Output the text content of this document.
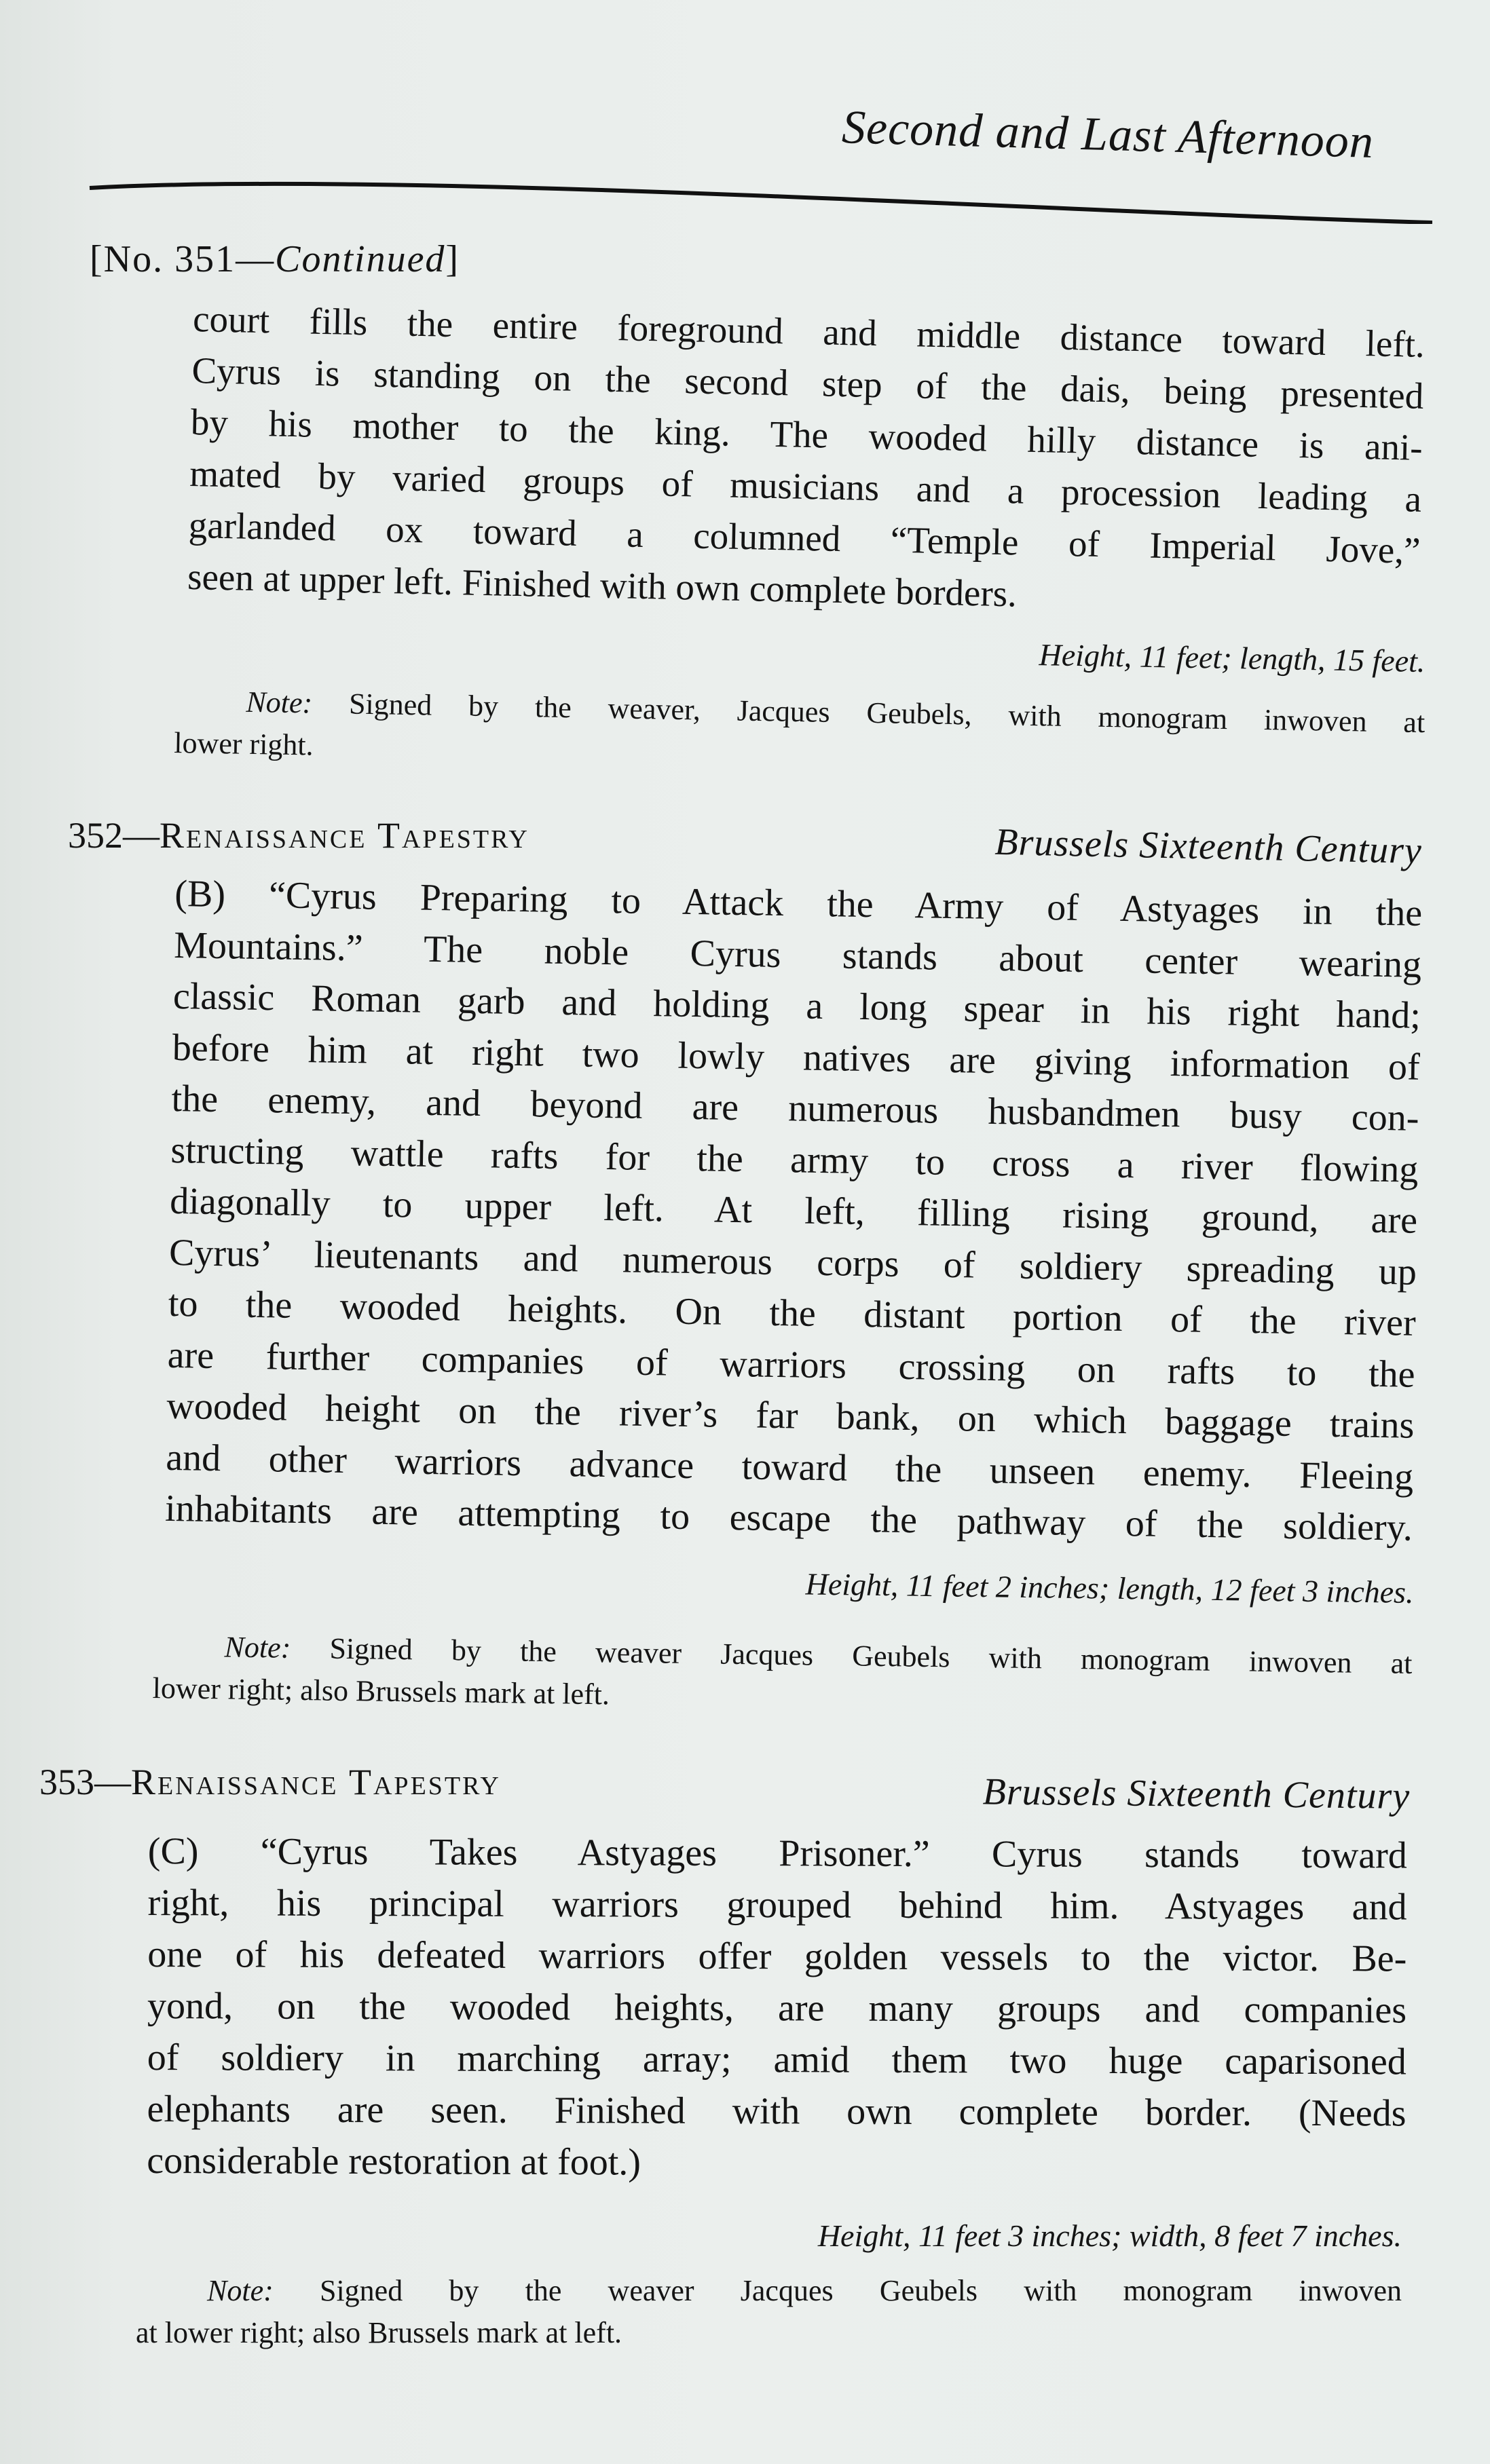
Second and Last Afternoon
[No. 351—Continued]
court fills the entire foreground and middle distance toward left.
Cyrus is standing on the second step of the dais, being presented
by his mother to the king. The wooded hilly distance is ani-
mated by varied groups of musicians and a procession leading a
garlanded ox toward a columned “Temple of Imperial Jove,”
seen at upper left. Finished with own complete borders.
Height, 11 feet; length, 15 feet.
Note: Signed by the weaver, Jacques Geubels, with monogram inwoven at
lower right.
352—Renaissance Tapestry	Brussels Sixteenth Century
(B) “Cyrus Preparing to Attack the Army of Astyages in the
Mountains.” The noble Cyrus stands about center wearing
classic Roman garb and holding a long spear in his right hand;
before him at right two lowly natives are giving information of
the enemy, and beyond are numerous husbandmen busy con-
structing wattle rafts for the army to cross a river flowing
diagonally to upper left. At left, filling rising ground, are
Cyrus’ lieutenants and numerous corps of soldiery spreading up
to the wooded heights. On the distant portion of the river
are further companies of warriors crossing on rafts to the
wooded height on the river’s far bank, on which baggage trains
and other warriors advance toward the unseen enemy. Fleeing
inhabitants are attempting to escape the pathway of the soldiery.
Height, 11 feet 2 inches; length, 12 feet 3 inches.
Note: Signed by the weaver Jacques Geubels with monogram inwoven at
lower right; also Brussels mark at left.
353—Renaissance Tapestry	Brussels Sixteenth Century
(C) “Cyrus Takes Astyages Prisoner.” Cyrus stands toward
right, his principal warriors grouped behind him. Astyages and
one of his defeated warriors offer golden vessels to the victor. Be-
yond, on the wooded heights, are many groups and companies
of soldiery in marching array; amid them two huge caparisoned
elephants are seen. Finished with own complete border. (Needs
considerable restoration at foot.)
Height, 11 feet 3 inches; width, 8 feet 7 inches.
Note: Signed by the weaver Jacques Geubels with monogram inwoven
at lower right; also Brussels mark at left.
